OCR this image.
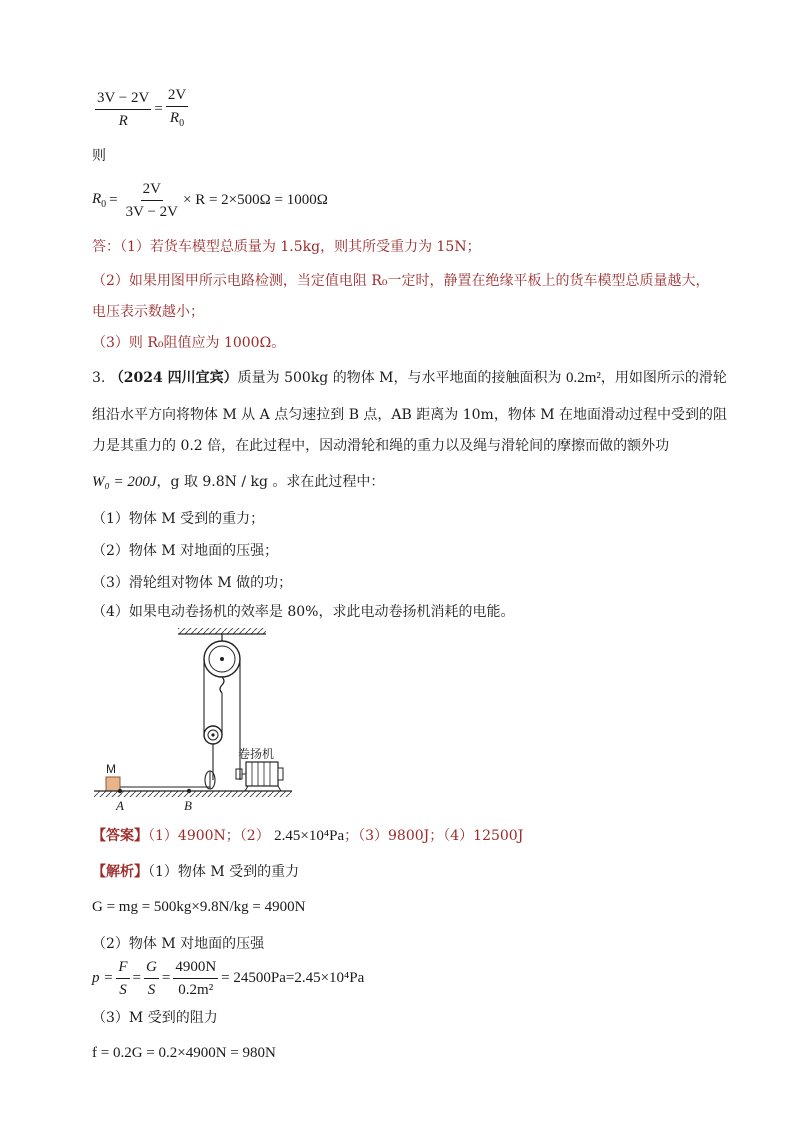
$\frac{3V - 2V}{R} = \frac{2V}{R_0}$
则
$R_0 = \frac{2V}{3V - 2V} \times R = 2\times 500\Omega = 1000\Omega$
答：（1）若货车模型总质量为 1.5kg，则其所受重力为 15N；
（2）如果用图甲所示电路检测，当定值电阻 R₀一定时，静置在绝缘平板上的货车模型总质量越大，
电压表示数越小；
（3）则 R₀阻值应为 1000Ω。
3. （2024 四川宜宾）质量为 500kg 的物体 M，与水平地面的接触面积为 0.2m²，用如图所示的滑轮
组沿水平方向将物体 M 从 A 点匀速拉到 B 点，AB 距离为 10m，物体 M 在地面滑动过程中受到的阻
力是其重力的 0.2 倍，在此过程中，因动滑轮和绳的重力以及绳与滑轮间的摩擦而做的额外功
W₀ = 200J，g 取 9.8N / kg 。求在此过程中：
（1）物体 M 受到的重力；
（2）物体 M 对地面的压强；
（3）滑轮组对物体 M 做的功；
（4）如果电动卷扬机的效率是 80%，求此电动卷扬机消耗的电能。
卷扬机
M
A	B
【答案】（1）4900N；（2） 2.45×10⁴Pa；（3）9800J；（4）12500J
【解析】（1）物体 M 受到的重力
G = mg = 500kg×9.8N/kg = 4900N
（2）物体 M 对地面的压强
$p = \frac{F}{S} = \frac{G}{S} = \frac{4900N}{\text{0.2m²}} = 24500Pa=2.45\times 10^4Pa$
（3）M 受到的阻力
f = 0.2G = 0.2×4900N = 980N
